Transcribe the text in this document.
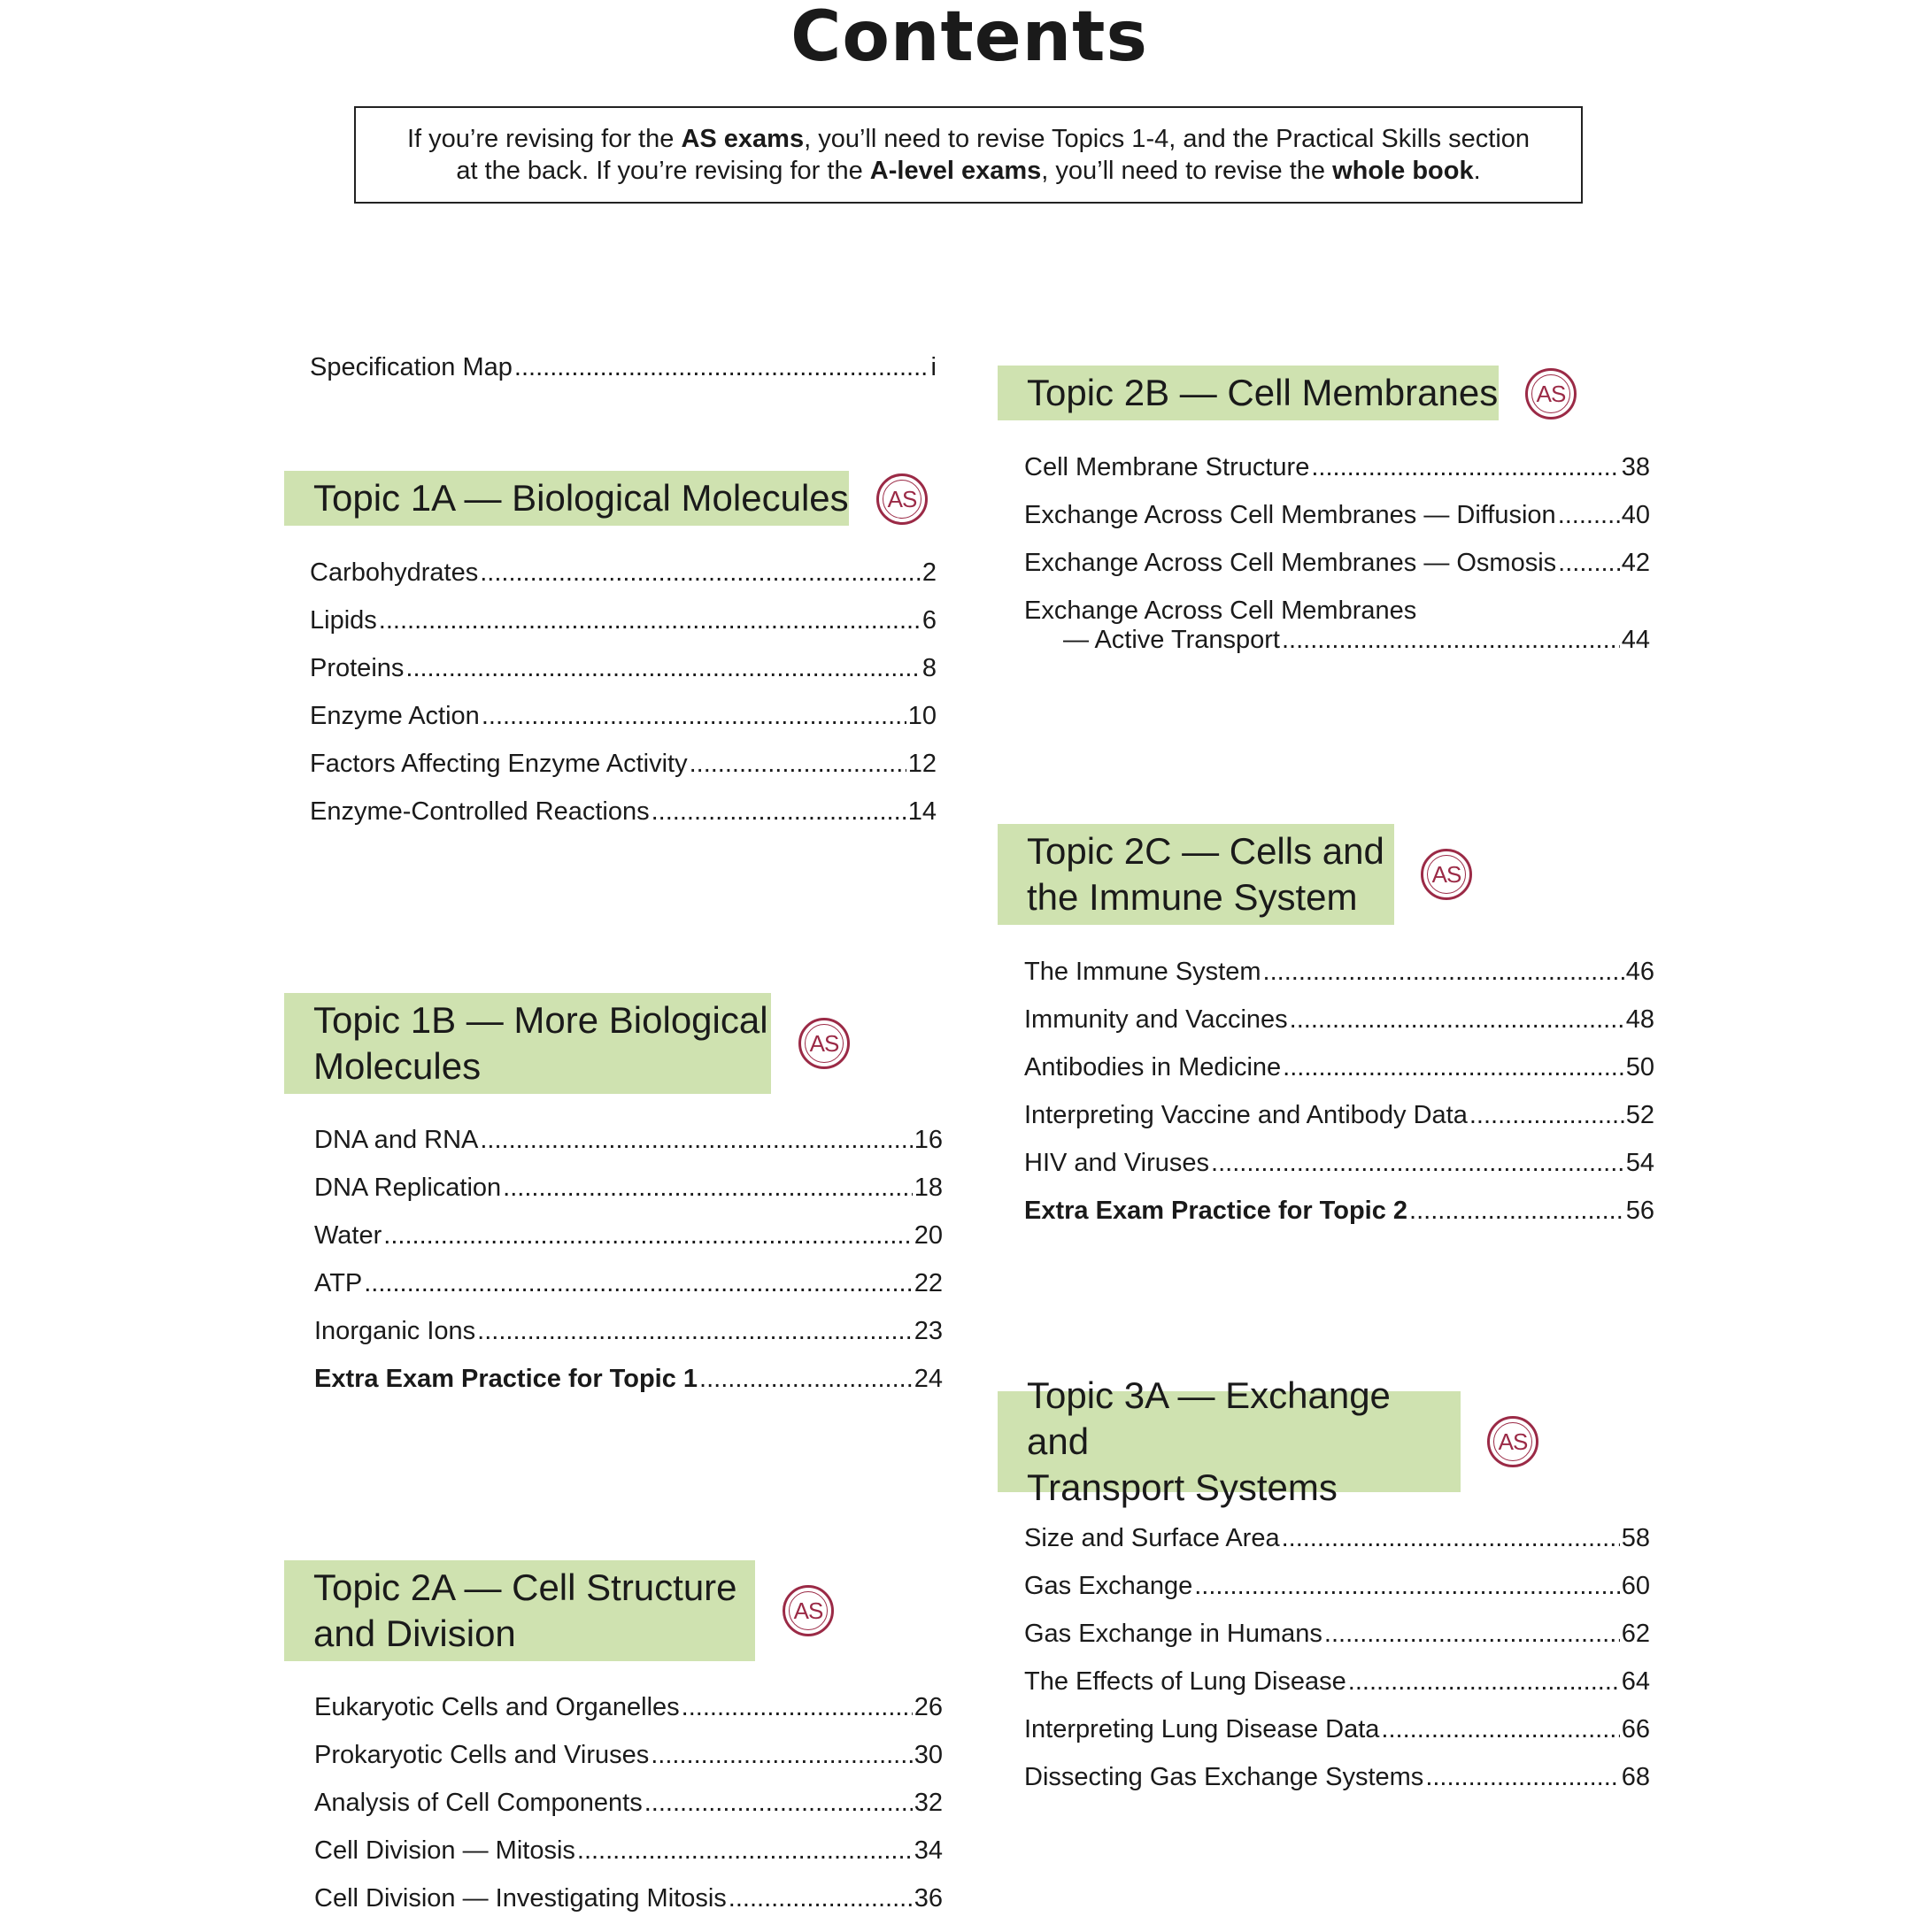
Contents
If you’re revising for the AS exams, you’ll need to revise Topics 1-4, and the Practical Skills section
at the back. If you’re revising for the A-level exams, you’ll need to revise the whole book.
Specification Map .....	i
Topic 1A — Biological Molecules AS
Carbohydrates .....	2
Lipids .....	6
Proteins .....	8
Enzyme Action .....	10
Factors Affecting Enzyme Activity .....	12
Enzyme-Controlled Reactions .....	14
Topic 1B — More Biological
Molecules
AS
DNA and RNA .....	16
DNA Replication .....	18
Water .....	20
ATP .....	22
Inorganic Ions .....	23
Extra Exam Practice for Topic 1 .....	24
Topic 2A — Cell Structure
and Division
AS
Eukaryotic Cells and Organelles .....	26
Prokaryotic Cells and Viruses .....	30
Analysis of Cell Components .....	32
Cell Division — Mitosis .....	34
Cell Division — Investigating Mitosis .....	36
Topic 2B — Cell Membranes AS
Cell Membrane Structure .....	38
Exchange Across Cell Membranes — Diffusion .....	40
Exchange Across Cell Membranes — Osmosis .....	42
Exchange Across Cell Membranes
— Active Transport .....	44
Topic 2C — Cells and
the Immune System
AS
The Immune System .....	46
Immunity and Vaccines .....	48
Antibodies in Medicine .....	50
Interpreting Vaccine and Antibody Data .....	52
HIV and Viruses .....	54
Extra Exam Practice for Topic 2 .....	56
Topic 3A — Exchange and
Transport Systems
AS
Size and Surface Area .....	58
Gas Exchange .....	60
Gas Exchange in Humans .....	62
The Effects of Lung Disease .....	64
Interpreting Lung Disease Data .....	66
Dissecting Gas Exchange Systems .....	68
